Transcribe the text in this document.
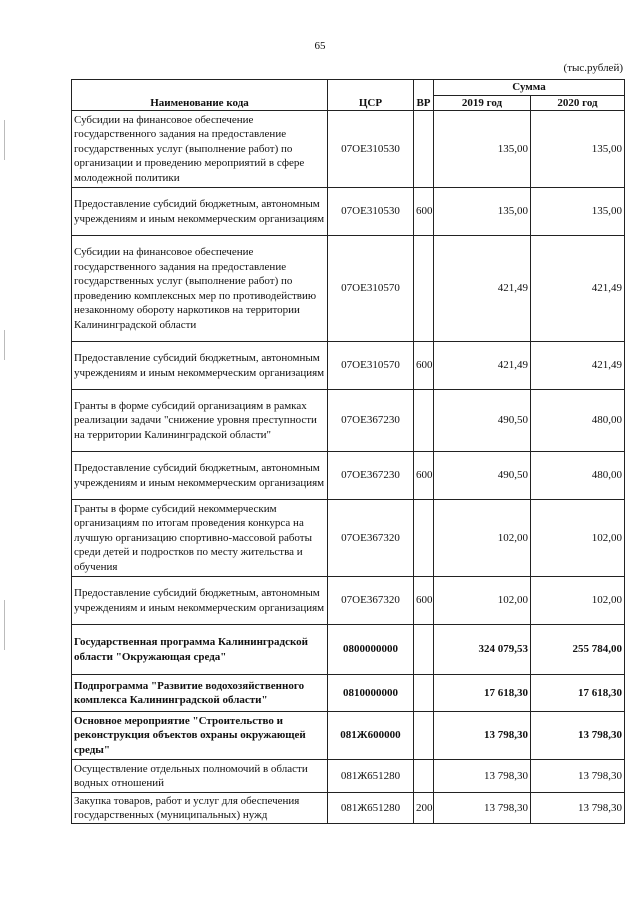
65
(тыс.рублей)
Наименование кода	ЦСР	ВР	Сумма	
			2019 год	2020 год
Субсидии на финансовое обеспечение государственного задания на предоставление государственных услуг (выполнение работ) по организации и проведению мероприятий в сфере молодежной политики	07ОЕ310530		135,00	135,00
Предоставление субсидий бюджетным, автономным учреждениям и иным некоммерческим организациям	07ОЕ310530	600	135,00	135,00
Субсидии на финансовое обеспечение государственного задания на предоставление государственных услуг (выполнение работ) по проведению комплексных мер по противодействию незаконному обороту наркотиков на территории Калининградской области	07ОЕ310570		421,49	421,49
Предоставление субсидий бюджетным, автономным учреждениям и иным некоммерческим организациям	07ОЕ310570	600	421,49	421,49
Гранты в форме субсидий организациям в рамках реализации задачи "снижение уровня преступности на территории Калининградской области"	07ОЕ367230		490,50	480,00
Предоставление субсидий бюджетным, автономным учреждениям и иным некоммерческим организациям	07ОЕ367230	600	490,50	480,00
Гранты в форме субсидий некоммерческим организациям по итогам проведения конкурса на лучшую организацию спортивно-массовой работы среди детей и подростков по месту жительства и обучения	07ОЕ367320		102,00	102,00
Предоставление субсидий бюджетным, автономным учреждениям и иным некоммерческим организациям	07ОЕ367320	600	102,00	102,00
Государственная программа Калининградской области "Окружающая среда"	0800000000		324 079,53	255 784,00
Подпрограмма "Развитие водохозяйственного комплекса Калининградской области"	0810000000		17 618,30	17 618,30
Основное мероприятие "Строительство и реконструкция объектов охраны окружающей среды"	081Ж600000		13 798,30	13 798,30
Осуществление отдельных полномочий в области водных отношений	081Ж651280		13 798,30	13 798,30
Закупка товаров, работ и услуг для обеспечения государственных (муниципальных) нужд	081Ж651280	200	13 798,30	13 798,30
